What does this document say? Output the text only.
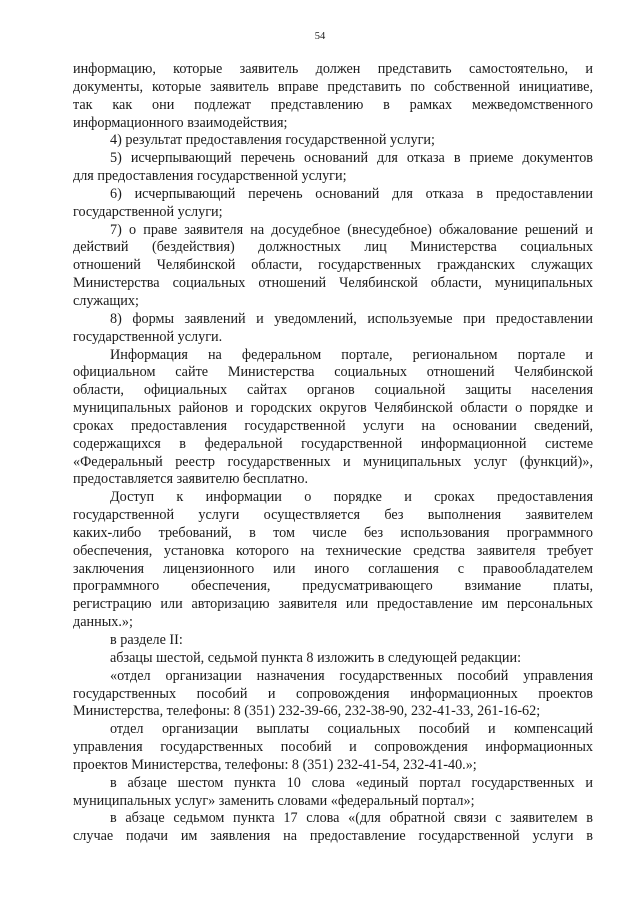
54
информацию, которые заявитель должен представить самостоятельно, и
документы, которые заявитель вправе представить по собственной инициативе,
так как они подлежат представлению в рамках межведомственного
информационного взаимодействия;
4) результат предоставления государственной услуги;
5) исчерпывающий перечень оснований для отказа в приеме документов
для предоставления государственной услуги;
6) исчерпывающий перечень оснований для отказа в предоставлении
государственной услуги;
7) о праве заявителя на досудебное (внесудебное) обжалование решений и
действий (бездействия) должностных лиц Министерства социальных
отношений Челябинской области, государственных гражданских служащих
Министерства социальных отношений Челябинской области, муниципальных
служащих;
8) формы заявлений и уведомлений, используемые при предоставлении
государственной услуги.
Информация на федеральном портале, региональном портале и
официальном сайте Министерства социальных отношений Челябинской
области, официальных сайтах органов социальной защиты населения
муниципальных районов и городских округов Челябинской области о порядке и
сроках предоставления государственной услуги на основании сведений,
содержащихся в федеральной государственной информационной системе
«Федеральный реестр государственных и муниципальных услуг (функций)»,
предоставляется заявителю бесплатно.
Доступ к информации о порядке и сроках предоставления
государственной услуги осуществляется без выполнения заявителем
каких-либо требований, в том числе без использования программного
обеспечения, установка которого на технические средства заявителя требует
заключения лицензионного или иного соглашения с правообладателем
программного обеспечения, предусматривающего взимание платы,
регистрацию или авторизацию заявителя или предоставление им персональных
данных.»;
в разделе II:
абзацы шестой, седьмой пункта 8 изложить в следующей редакции:
«отдел организации назначения государственных пособий управления
государственных пособий и сопровождения информационных проектов
Министерства, телефоны: 8 (351) 232-39-66, 232-38-90, 232-41-33, 261-16-62;
отдел организации выплаты социальных пособий и компенсаций
управления государственных пособий и сопровождения информационных
проектов Министерства, телефоны: 8 (351) 232-41-54, 232-41-40.»;
в абзаце шестом пункта 10 слова «единый портал государственных и
муниципальных услуг» заменить словами «федеральный портал»;
в абзаце седьмом пункта 17 слова «(для обратной связи с заявителем в
случае подачи им заявления на предоставление государственной услуги в
